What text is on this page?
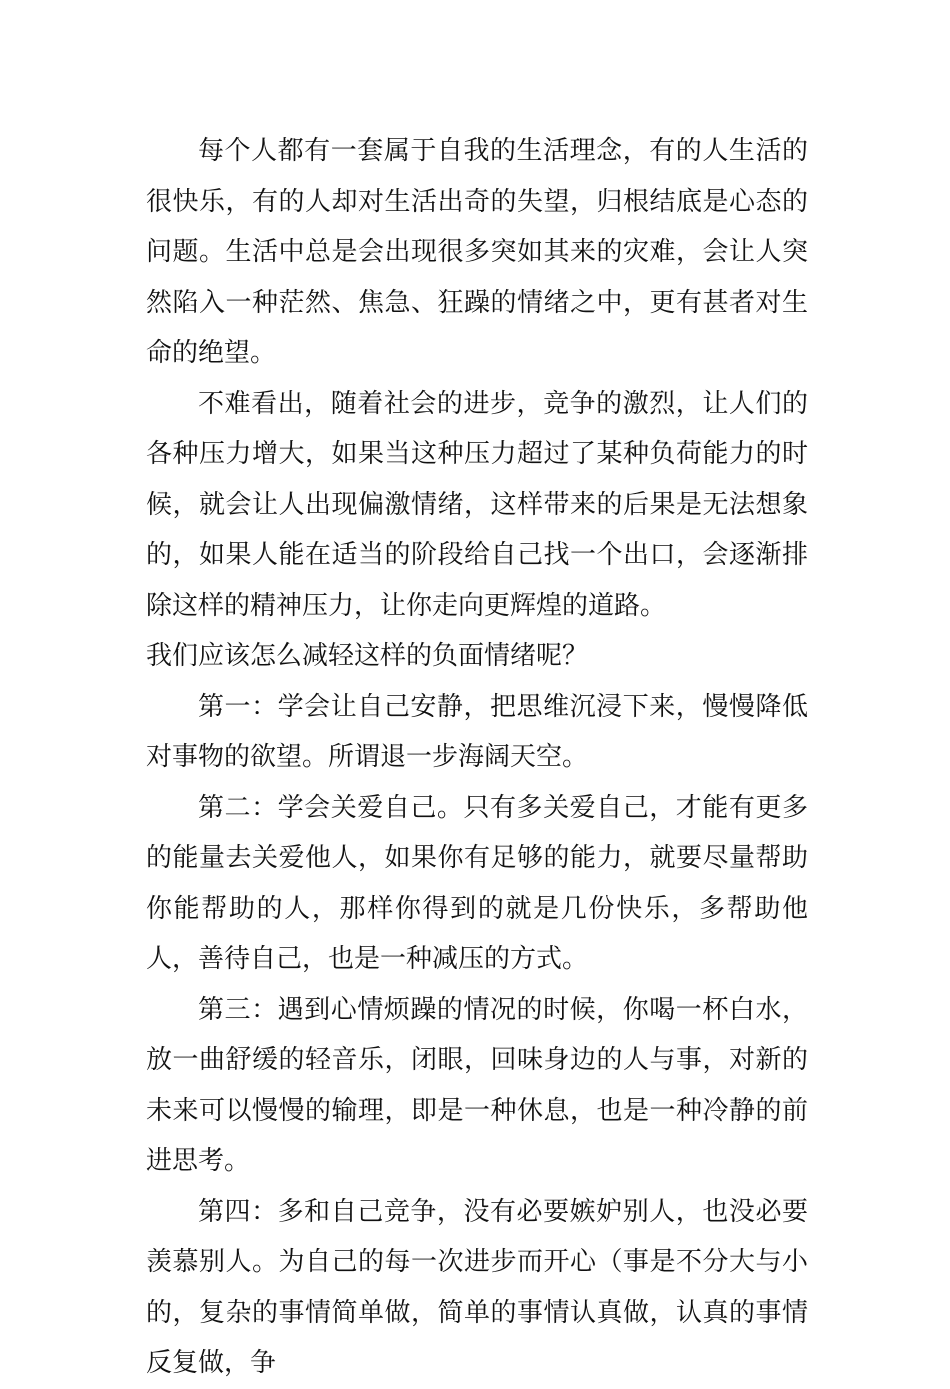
每个人都有一套属于自我的生活理念，有的人生活的很快乐，有的人却对生活出奇的失望，归根结底是心态的问题。生活中总是会出现很多突如其来的灾难，会让人突然陷入一种茫然、焦急、狂躁的情绪之中，更有甚者对生命的绝望。

不难看出，随着社会的进步，竞争的激烈，让人们的各种压力增大，如果当这种压力超过了某种负荷能力的时候，就会让人出现偏激情绪，这样带来的后果是无法想象的，如果人能在适当的阶段给自己找一个出口，会逐渐排除这样的精神压力，让你走向更辉煌的道路。

我们应该怎么减轻这样的负面情绪呢？

第一：学会让自己安静，把思维沉浸下来，慢慢降低对事物的欲望。所谓退一步海阔天空。

第二：学会关爱自己。只有多关爱自己，才能有更多的能量去关爱他人，如果你有足够的能力，就要尽量帮助你能帮助的人，那样你得到的就是几份快乐，多帮助他人，善待自己，也是一种减压的方式。

第三：遇到心情烦躁的情况的时候，你喝一杯白水，放一曲舒缓的轻音乐，闭眼，回味身边的人与事，对新的未来可以慢慢的输理，即是一种休息，也是一种冷静的前进思考。

第四：多和自己竞争，没有必要嫉妒别人，也没必要羡慕别人。为自己的每一次进步而开心（事是不分大与小的，复杂的事情简单做，简单的事情认真做，认真的事情反复做，争
